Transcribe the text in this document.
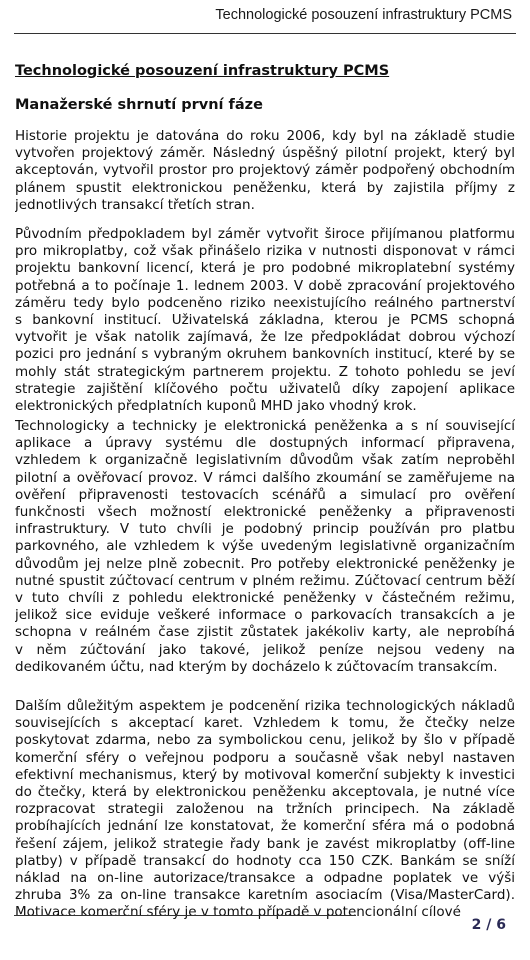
Technologické posouzení infrastruktury PCMS
Technologické posouzení infrastruktury PCMS
Manažerské shrnutí první fáze
Historie projektu je datována do roku 2006, kdy byl na základě studie
vytvořen projektový záměr. Následný úspěšný pilotní projekt, který byl
akceptován, vytvořil prostor pro projektový záměr podpořený obchodním
plánem spustit elektronickou peněženku, která by zajistila příjmy z
jednotlivých transakcí třetích stran.
Původním předpokladem byl záměr vytvořit široce přijímanou platformu
pro mikroplatby, což však přinášelo rizika v nutnosti disponovat v rámci
projektu bankovní licencí, která je pro podobné mikroplatební systémy
potřebná a to počínaje 1. lednem 2003. V době zpracování projektového
záměru tedy bylo podceněno riziko neexistujícího reálného partnerství
s bankovní institucí. Uživatelská základna, kterou je PCMS schopná
vytvořit je však natolik zajímavá, že lze předpokládat dobrou výchozí
pozici pro jednání s vybraným okruhem bankovních institucí, které by se
mohly stát strategickým partnerem projektu. Z tohoto pohledu se jeví
strategie zajištění klíčového počtu uživatelů díky zapojení aplikace
elektronických předplatních kuponů MHD jako vhodný krok.
Technologicky a technicky je elektronická peněženka a s ní související
aplikace a úpravy systému dle dostupných informací připravena,
vzhledem k organizačně legislativním důvodům však zatím neproběhl
pilotní a ověřovací provoz. V rámci dalšího zkoumání se zaměřujeme na
ověření připravenosti testovacích scénářů a simulací pro ověření
funkčnosti všech možností elektronické peněženky a připravenosti
infrastruktury. V tuto chvíli je podobný princip používán pro platbu
parkovného, ale vzhledem k výše uvedeným legislativně organizačním
důvodům jej nelze plně zobecnit. Pro potřeby elektronické peněženky je
nutné spustit zúčtovací centrum v plném režimu. Zúčtovací centrum běží
v tuto chvíli z pohledu elektronické peněženky v částečném režimu,
jelikož sice eviduje veškeré informace o parkovacích transakcích a je
schopna v reálném čase zjistit zůstatek jakékoliv karty, ale neprobíhá
v něm zúčtování jako takové, jelikož peníze nejsou vedeny na
dedikovaném účtu, nad kterým by docházelo k zúčtovacím transakcím.
Dalším důležitým aspektem je podcenění rizika technologických nákladů
souvisejících s akceptací karet. Vzhledem k tomu, že čtečky nelze
poskytovat zdarma, nebo za symbolickou cenu, jelikož by šlo v případě
komerční sféry o veřejnou podporu a současně však nebyl nastaven
efektivní mechanismus, který by motivoval komerční subjekty k investici
do čtečky, která by elektronickou peněženku akceptovala, je nutné více
rozpracovat strategii založenou na tržních principech. Na základě
probíhajících jednání lze konstatovat, že komerční sféra má o podobná
řešení zájem, jelikož strategie řady bank je zavést mikroplatby (off-line
platby) v případě transakcí do hodnoty cca 150 CZK. Bankám se sníží
náklad na on-line autorizace/transakce a odpadne poplatek ve výši
zhruba 3% za on-line transakce karetním asociacím (Visa/MasterCard).
Motivace komerční sféry je v tomto případě v potencionální cílové
2 / 6
